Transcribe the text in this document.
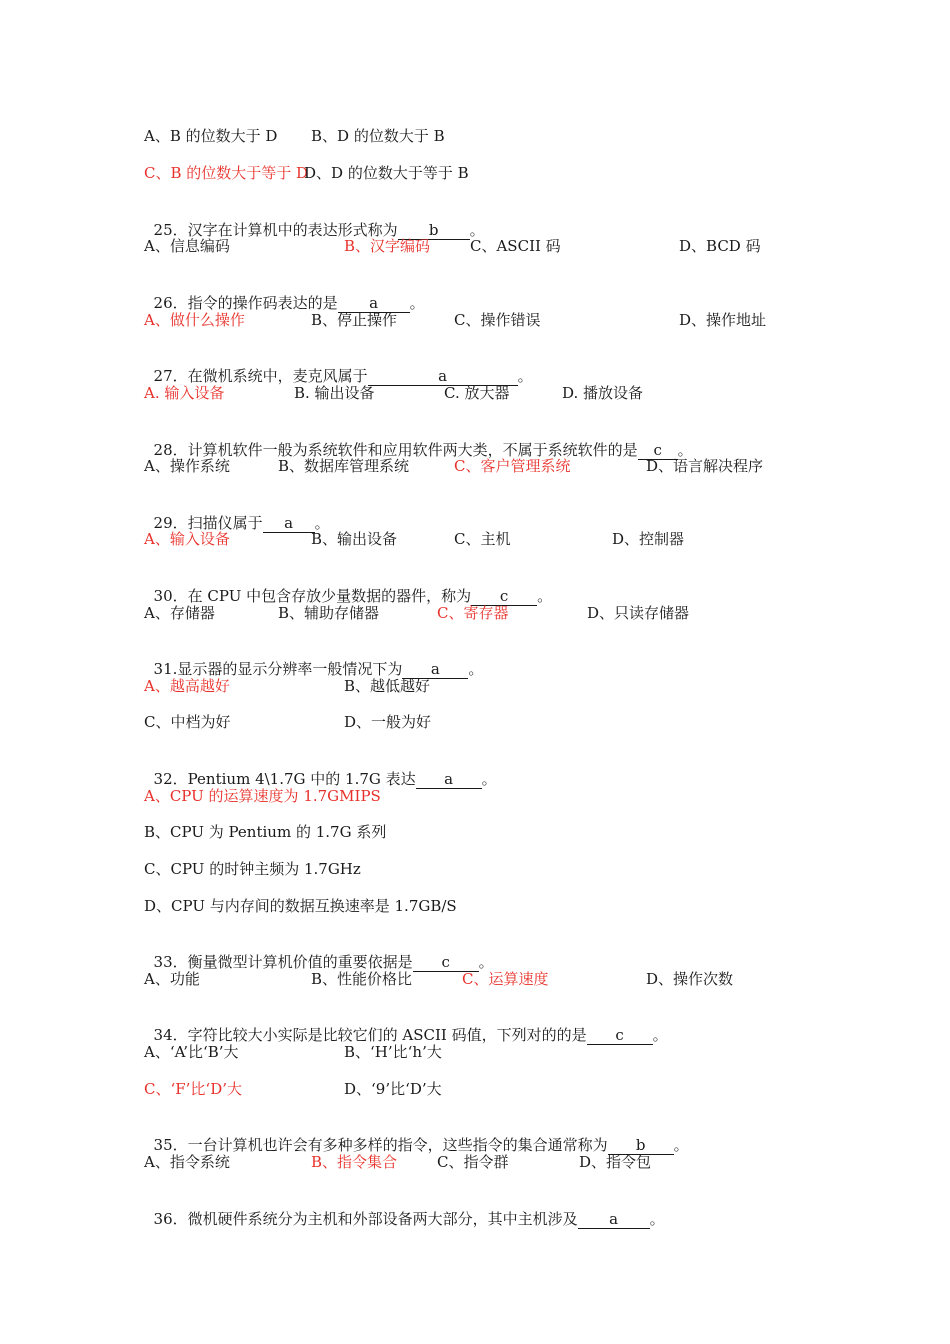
A、B 的位数大于 D

B、D 的位数大于 B

C、B 的位数大于等于 D

D、D 的位数大于等于 B

25．汉字在计算机中的表达形式称为 b 。

A、信息编码

	B、汉字编码

	C、ASCII 码

	D、BCD 码

26．指令的操作码表达的是 a 。

A、做什么操作

	B、停止操作

	C、操作错误

	D、操作地址

27．在微机系统中，麦克风属于	a	。

A. 输入设备

	B. 输出设备

	C. 放大器

	D. 播放设备

28．计算机软件一般为系统软件和应用软件两大类，不属于系统软件的是 c 。

A、操作系统

	B、数据库管理系统

	C、客户管理系统

	D、语言解决程序

29．扫描仪属于 a 。

A、输入设备

	B、输出设备

	C、主机

	D、控制器

30．在 CPU 中包含存放少量数据的器件，称为 c 。

A、存储器

	B、辅助存储器

	C、寄存器

	D、只读存储器

31.显示器的显示分辨率一般情况下为 a 。

A、越高越好

	B、越低越好

C、中档为好

	D、一般为好

32．Pentium 4\1.7G 中的 1.7G 表达 a 。

A、CPU 的运算速度为 1.7GMIPS
B、CPU 为 Pentium 的 1.7G 系列
C、CPU 的时钟主频为 1.7GHz
D、CPU 与内存间的数据互换速率是 1.7GB/S

33．衡量微型计算机价值的重要依据是 c 。

A、功能

	B、性能价格比

	C、运算速度

	D、操作次数

34．字符比较大小实际是比较它们的 ASCII 码值，下列对的的是 c 。

A、‘A’比‘B’大

	B、‘H’比‘h’大

C、‘F’比‘D’大

	D、‘9’比‘D’大

35．一台计算机也许会有多种多样的指令，这些指令的集合通常称为 b 。

A、指令系统

	B、指令集合

	C、指令群

	D、指令包

36．微机硬件系统分为主机和外部设备两大部分，其中主机涉及 a 。
